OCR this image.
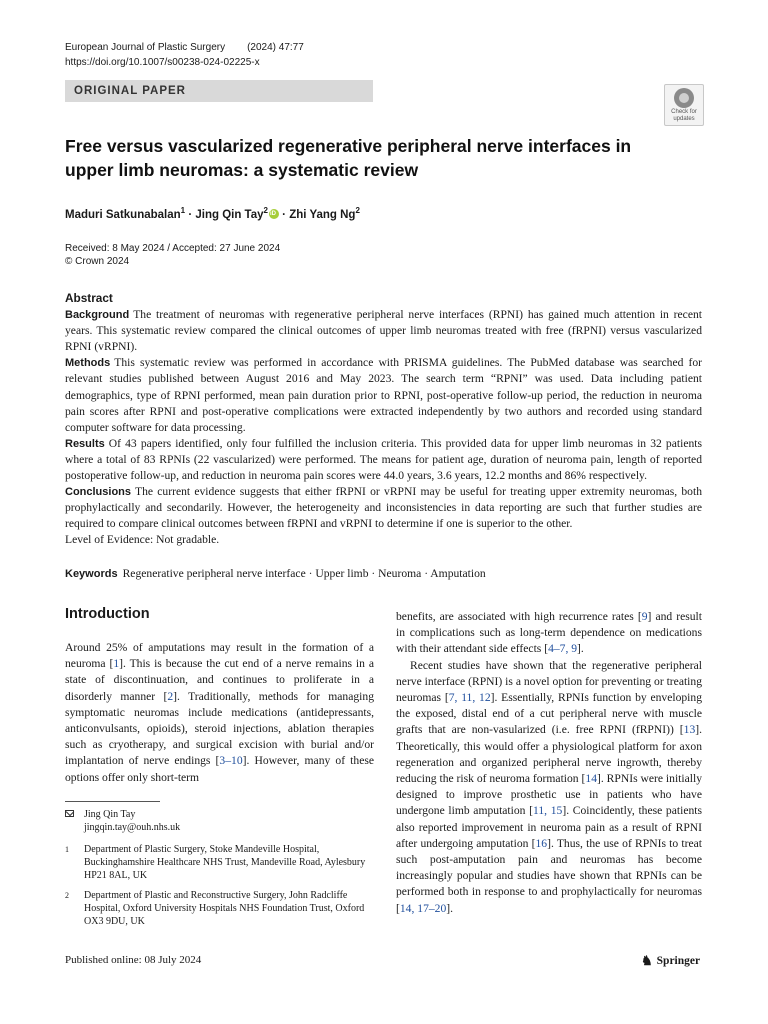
European Journal of Plastic Surgery (2024) 47:77
https://doi.org/10.1007/s00238-024-02225-x
ORIGINAL PAPER
Check for
updates
Free versus vascularized regenerative peripheral nerve interfaces in upper limb neuromas: a systematic review
Maduri Satkunabalan$^1$ · Jing Qin Tay$^2$iD · Zhi Yang Ng$^2$
Received: 8 May 2024 / Accepted: 27 June 2024
© Crown 2024
Abstract

Background The treatment of neuromas with regenerative peripheral nerve interfaces (RPNI) has gained much attention in recent years. This systematic review compared the clinical outcomes of upper limb neuromas treated with free (fRPNI) versus vascularized RPNI (vRPNI).

Methods This systematic review was performed in accordance with PRISMA guidelines. The PubMed database was searched for relevant studies published between August 2016 and May 2023. The search term “RPNI” was used. Data including patient demographics, type of RPNI performed, mean pain duration prior to RPNI, post-operative follow-up period, the reduction in neuroma pain scores after RPNI and post-operative complications were extracted independently by two authors and recorded using standard computer software for data processing.

Results Of 43 papers identified, only four fulfilled the inclusion criteria. This provided data for upper limb neuromas in 32 patients where a total of 83 RPNIs (22 vascularized) were performed. The means for patient age, duration of neuroma pain, length of reported postoperative follow-up, and reduction in neuroma pain scores were 44.0 years, 3.6 years, 12.2 months and 86% respectively.

Conclusions The current evidence suggests that either fRPNI or vRPNI may be useful for treating upper extremity neuromas, both prophylactically and secondarily. However, the heterogeneity and inconsistencies in data reporting are such that further studies are required to compare clinical outcomes between fRPNI and vRPNI to determine if one is superior to the other.

Level of Evidence: Not gradable.

Keywords Regenerative peripheral nerve interface · Upper limb · Neuroma · Amputation
Introduction

Around 25% of amputations may result in the formation of a neuroma [1]. This is because the cut end of a nerve remains in a state of discontinuation, and continues to proliferate in a disorderly manner [2]. Traditionally, methods for managing symptomatic neuromas include medications (antidepressants, anticonvulsants, opioids), steroid injections, ablation therapies such as cryotherapy, and surgical excision with burial and/or implantation of nerve endings [3–10]. However, many of these options offer only short-term

benefits, are associated with high recurrence rates [9] and result in complications such as long-term dependence on medications with their attendant side effects [4–7, 9].

Recent studies have shown that the regenerative peripheral nerve interface (RPNI) is a novel option for preventing or treating neuromas [7, 11, 12]. Essentially, RPNIs function by enveloping the exposed, distal end of a cut peripheral nerve with muscle grafts that are non-vasularized (i.e. free RPNI (fRPNI)) [13]. Theoretically, this would offer a physiological platform for axon regeneration and organized peripheral nerve ingrowth, thereby reducing the risk of neuroma formation [14]. RPNIs were initially designed to improve prosthetic use in patients who have undergone limb amputation [11, 15]. Coincidently, these patients also reported improvement in neuroma pain as a result of RPNI after undergoing amputation [16]. Thus, the use of RPNIs to treat such post-amputation pain and neuromas has become increasingly popular and studies have shown that RPNIs can be performed both in response to and prophylactically for neuromas [14, 17–20].

Jing Qin Tay
jingqin.tay@ouh.nhs.uk
1 Department of Plastic Surgery, Stoke Mandeville Hospital, Buckinghamshire Healthcare NHS Trust, Mandeville Road, Aylesbury HP21 8AL, UK
2 Department of Plastic and Reconstructive Surgery, John Radcliffe Hospital, Oxford University Hospitals NHS Foundation Trust, Oxford OX3 9DU, UK
Published online: 08 July 2024	♞ Springer
